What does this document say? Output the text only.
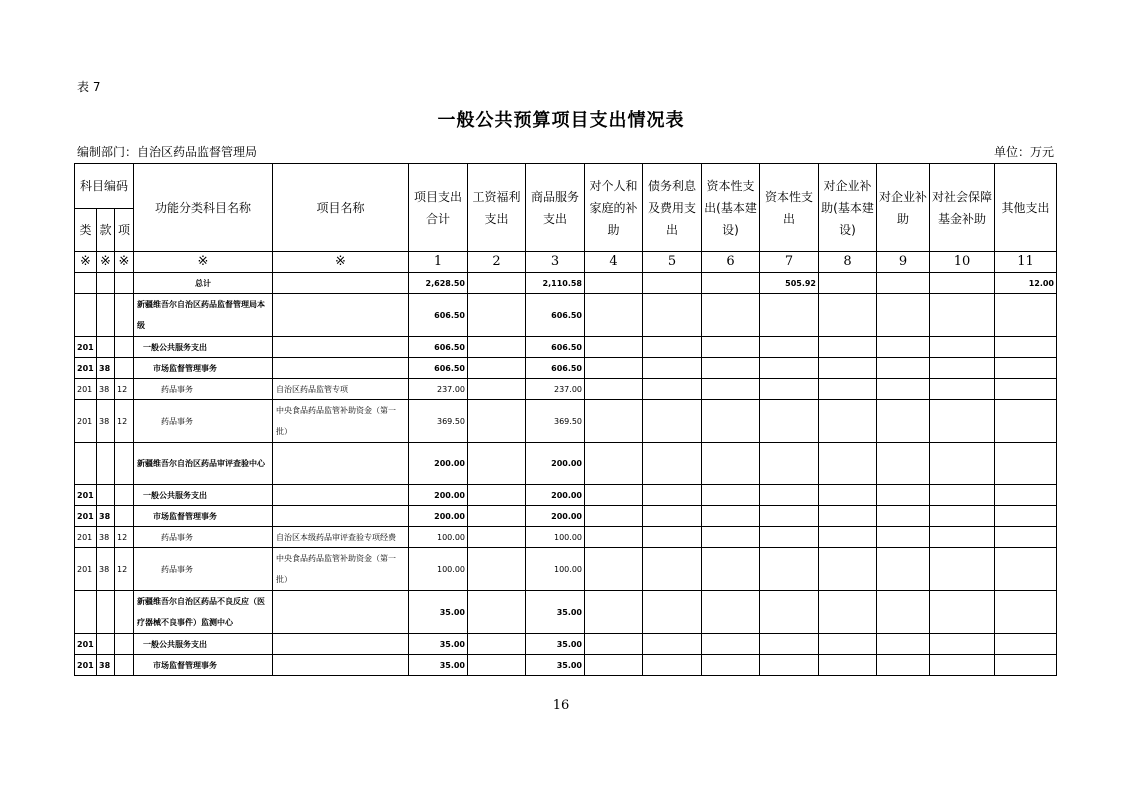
表 7
一般公共预算项目支出情况表
编制部门：自治区药品监督管理局	单位：万元
科目编码			功能分类科目名称	项目名称	项目支出合计	工资福利支出	商品服务支出	对个人和家庭的补助	债务利息及费用支出	资本性支出(基本建设)	资本性支出	对企业补助(基本建设)	对企业补助	对社会保障基金补助	其他支出
类	款	项													
※	※	※	※	※	1	2	3	4	5	6	7	8	9	10	11
			总计		2,628.50		2,110.58				505.92				12.00
			新疆维吾尔自治区药品监督管理局本级		606.50		606.50								
201			一般公共服务支出		606.50		606.50								
201	38		市场监督管理事务		606.50		606.50								
201	38	12	药品事务	自治区药品监管专项	237.00		237.00								
201	38	12	药品事务	中央食品药品监管补助资金（第一批）	369.50		369.50								
			新疆维吾尔自治区药品审评查验中心		200.00		200.00								
201			一般公共服务支出		200.00		200.00								
201	38		市场监督管理事务		200.00		200.00								
201	38	12	药品事务	自治区本级药品审评查验专项经费	100.00		100.00								
201	38	12	药品事务	中央食品药品监管补助资金（第一批）	100.00		100.00								
			新疆维吾尔自治区药品不良反应（医疗器械不良事件）监测中心		35.00		35.00								
201			一般公共服务支出		35.00		35.00								
201	38		市场监督管理事务		35.00		35.00								
16
